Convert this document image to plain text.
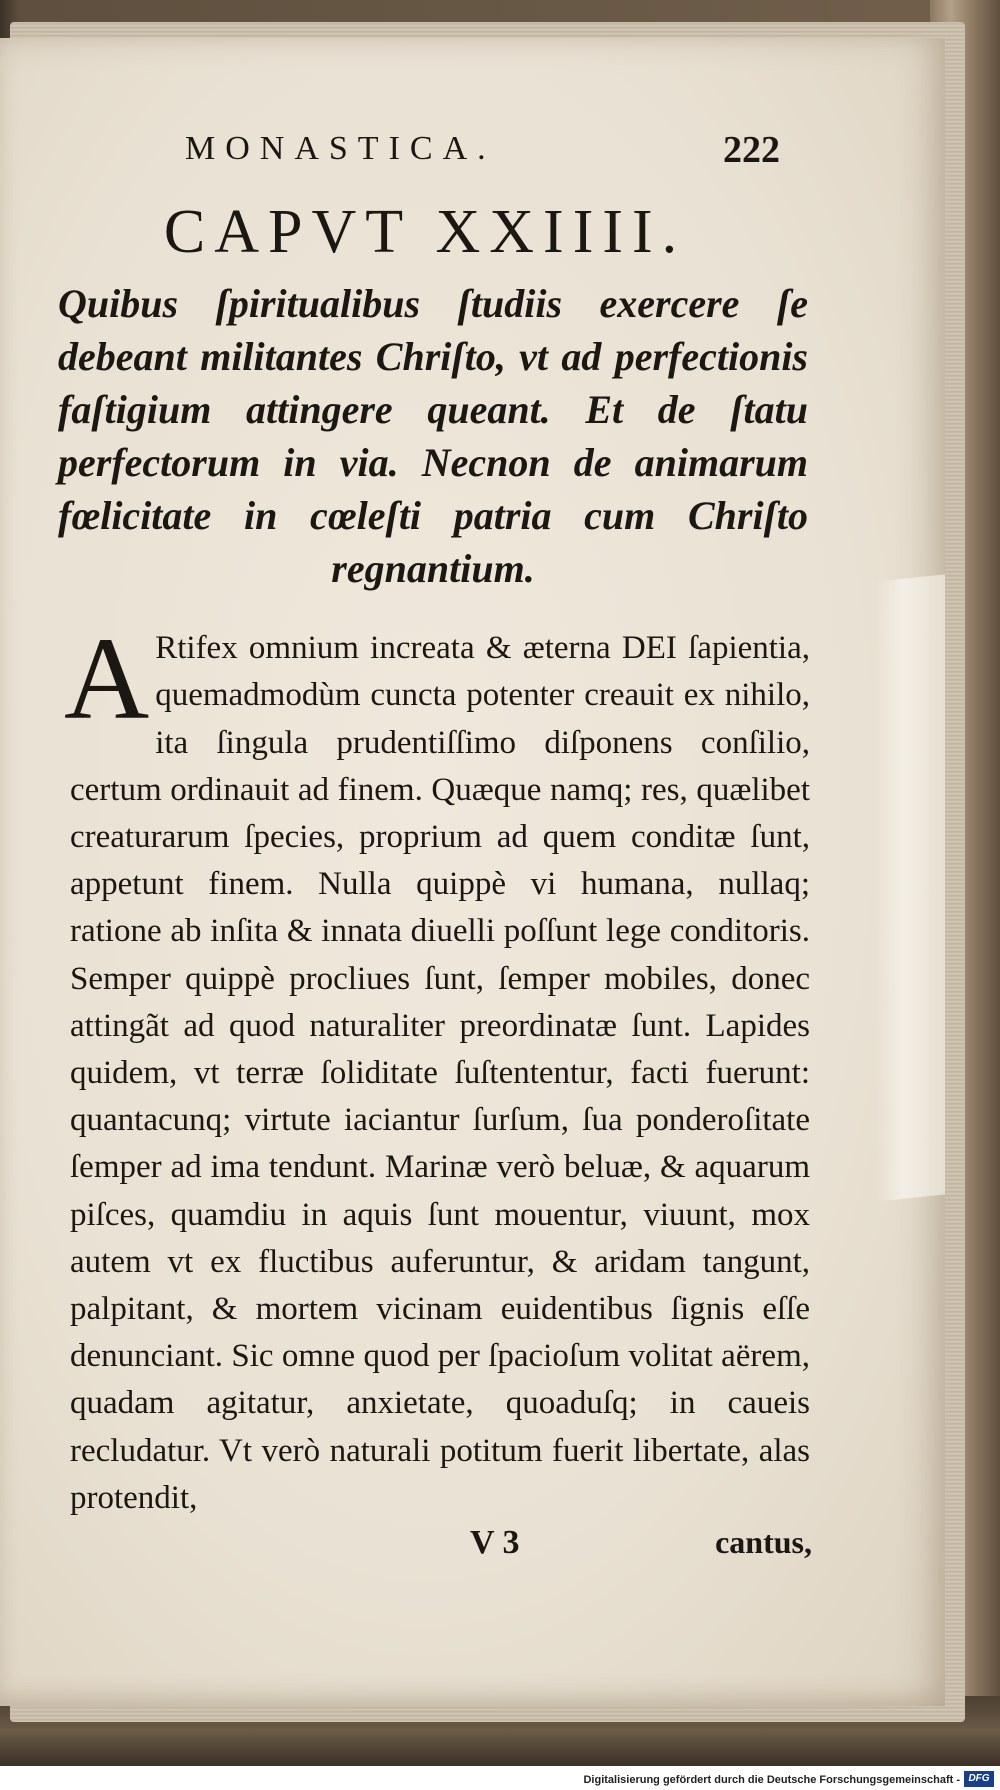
MONASTICA.	222
CAPVT XXIIII.
Quibus ſpiritualibus ſtudiis exercere ſe debeant militantes Chriſto, vt ad perfectionis faſtigium attingere queant. Et de ſtatu perfectorum in via. Necnon de animarum fœlicitate in cœleſti patria cum Chriſto regnantium.
A Rtifex omnium increata & æterna DEI ſapientia, quemadmodùm cuncta potenter creauit ex nihilo, ita ſingula prudentiſſimo diſponens conſilio, certum ordinauit ad finem. Quæque namq; res, quælibet creaturarum ſpecies, proprium ad quem conditæ ſunt, appetunt finem. Nulla quippè vi humana, nullaq; ratione ab inſita & innata diuelli poſſunt lege conditoris. Semper quippè procliues ſunt, ſemper mobiles, donec attingãt ad quod naturaliter preordinatæ ſunt. Lapides quidem, vt terræ ſoliditate ſuſtententur, facti fuerunt: quantacunq; virtute iaciantur ſurſum, ſua ponderoſitate ſemper ad ima tendunt. Marinæ verò beluæ, & aquarum piſces, quamdiu in aquis ſunt mouentur, viuunt, mox autem vt ex fluctibus auferuntur, & aridam tangunt, palpitant, & mortem vicinam euidentibus ſignis eſſe denunciant. Sic omne quod per ſpacioſum volitat aërem, quadam agitatur, anxietate, quoaduſq; in caueis recludatur. Vt verò naturali potitum fuerit libertate, alas protendit,
V 3	cantus,
Digitalisierung gefördert durch die Deutsche Forschungsgemeinschaft - DFG
